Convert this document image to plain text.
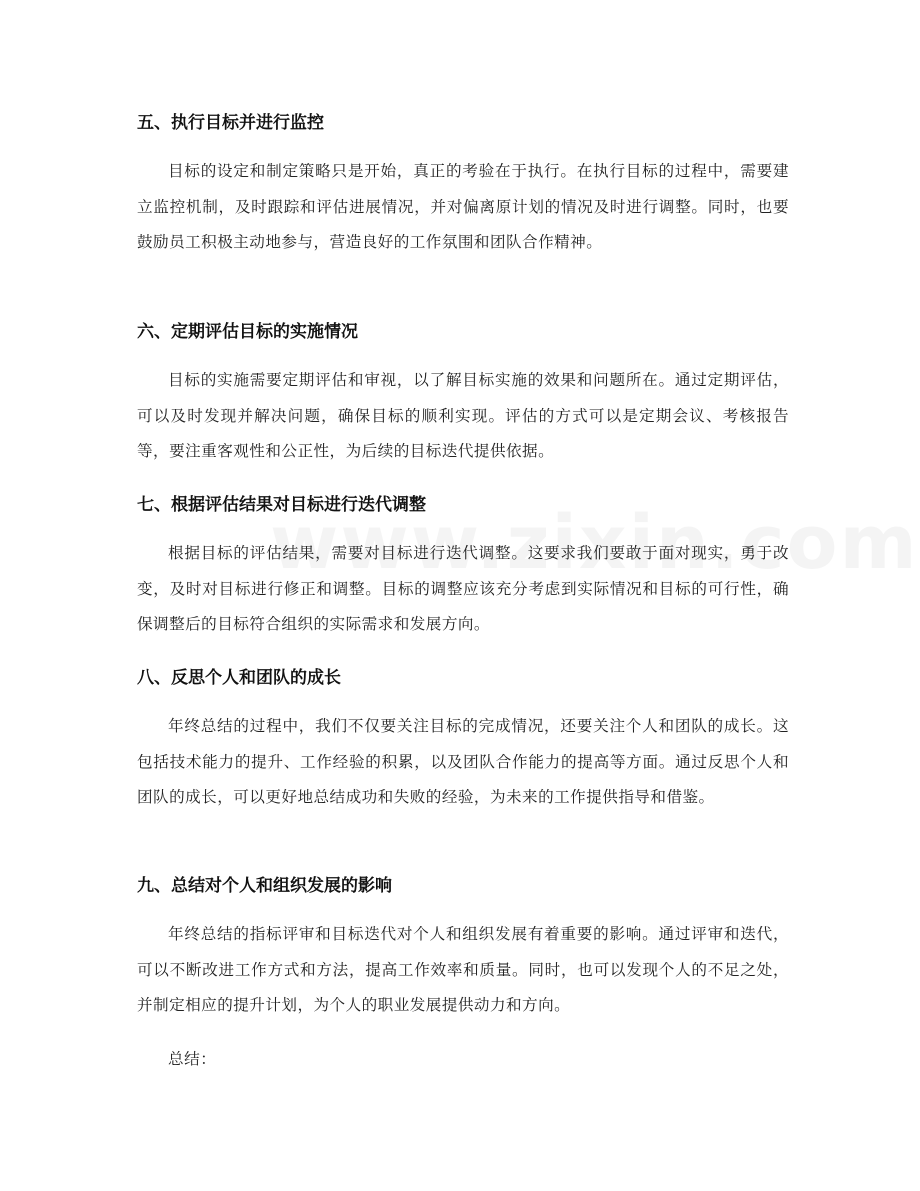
五、执行目标并进行监控

目标的设定和制定策略只是开始，真正的考验在于执行。在执行目标的过程中，需要建立监控机制，及时跟踪和评估进展情况，并对偏离原计划的情况及时进行调整。同时，也要鼓励员工积极主动地参与，营造良好的工作氛围和团队合作精神。

六、定期评估目标的实施情况

目标的实施需要定期评估和审视，以了解目标实施的效果和问题所在。通过定期评估，可以及时发现并解决问题，确保目标的顺利实现。评估的方式可以是定期会议、考核报告等，要注重客观性和公正性，为后续的目标迭代提供依据。

七、根据评估结果对目标进行迭代调整

根据目标的评估结果，需要对目标进行迭代调整。这要求我们要敢于面对现实，勇于改变，及时对目标进行修正和调整。目标的调整应该充分考虑到实际情况和目标的可行性，确保调整后的目标符合组织的实际需求和发展方向。

八、反思个人和团队的成长

年终总结的过程中，我们不仅要关注目标的完成情况，还要关注个人和团队的成长。这包括技术能力的提升、工作经验的积累，以及团队合作能力的提高等方面。通过反思个人和团队的成长，可以更好地总结成功和失败的经验，为未来的工作提供指导和借鉴。

九、总结对个人和组织发展的影响

年终总结的指标评审和目标迭代对个人和组织发展有着重要的影响。通过评审和迭代，可以不断改进工作方式和方法，提高工作效率和质量。同时，也可以发现个人的不足之处，并制定相应的提升计划，为个人的职业发展提供动力和方向。

总结：
